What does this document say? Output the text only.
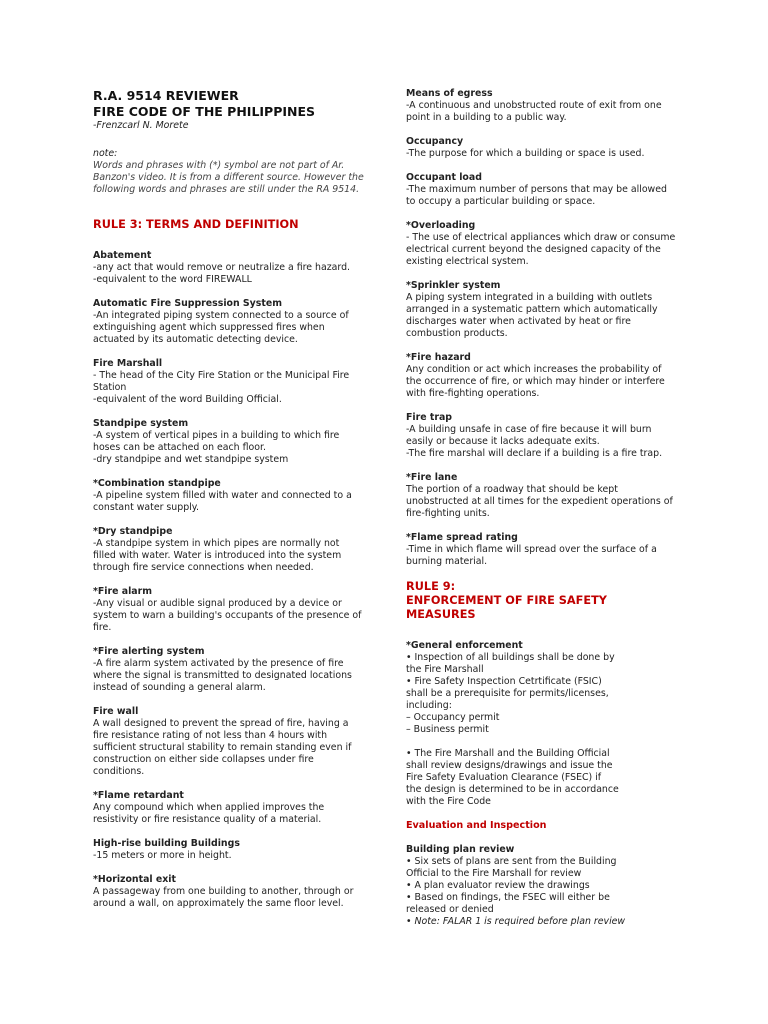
R.A. 9514 REVIEWER
FIRE CODE OF THE PHILIPPINES
-Frenzcarl N. Morete
note:
Words and phrases with (*) symbol are not part of Ar. Banzon's video. It is from a different source. However the following words and phrases are still under the RA 9514.
RULE 3: TERMS AND DEFINITION
Abatement
-any act that would remove or neutralize a fire hazard.
-equivalent to the word FIREWALL
Automatic Fire Suppression System
-An integrated piping system connected to a source of extinguishing agent which suppressed fires when actuated by its automatic detecting device.
Fire Marshall
- The head of the City Fire Station or the Municipal Fire Station
-equivalent of the word Building Official.
Standpipe system
-A system of vertical pipes in a building to which fire hoses can be attached on each floor.
-dry standpipe and wet standpipe system
*Combination standpipe
-A pipeline system filled with water and connected to a constant water supply.
*Dry standpipe
-A standpipe system in which pipes are normally not filled with water. Water is introduced into the system through fire service connections when needed.
*Fire alarm
-Any visual or audible signal produced by a device or system to warn a building's occupants of the presence of fire.
*Fire alerting system
-A fire alarm system activated by the presence of fire where the signal is transmitted to designated locations instead of sounding a general alarm.
Fire wall
A wall designed to prevent the spread of fire, having a fire resistance rating of not less than 4 hours with sufficient structural stability to remain standing even if construction on either side collapses under fire conditions.
*Flame retardant
Any compound which when applied improves the resistivity or fire resistance quality of a material.
High-rise building Buildings
-15 meters or more in height.
*Horizontal exit
A passageway from one building to another, through or around a wall, on approximately the same floor level.
Means of egress
-A continuous and unobstructed route of exit from one point in a building to a public way.
Occupancy
-The purpose for which a building or space is used.
Occupant load
-The maximum number of persons that may be allowed to occupy a particular building or space.
*Overloading
- The use of electrical appliances which draw or consume electrical current beyond the designed capacity of the existing electrical system.
*Sprinkler system
A piping system integrated in a building with outlets arranged in a systematic pattern which automatically discharges water when activated by heat or fire combustion products.
*Fire hazard
Any condition or act which increases the probability of the occurrence of fire, or which may hinder or interfere with fire-fighting operations.
Fire trap
-A building unsafe in case of fire because it will burn easily or because it lacks adequate exits.
-The fire marshal will declare if a building is a fire trap.
*Fire lane
The portion of a roadway that should be kept unobstructed at all times for the expedient operations of fire-fighting units.
*Flame spread rating
-Time in which flame will spread over the surface of a burning material.
RULE 9:
ENFORCEMENT OF FIRE SAFETY MEASURES
*General enforcement
• Inspection of all buildings shall be done by
the Fire Marshall
• Fire Safety Inspection Cetrtificate (FSIC)
shall be a prerequisite for permits/licenses,
including:
– Occupancy permit
– Business permit
• The Fire Marshall and the Building Official
shall review designs/drawings and issue the
Fire Safety Evaluation Clearance (FSEC) if
the design is determined to be in accordance
with the Fire Code
Evaluation and Inspection
Building plan review
• Six sets of plans are sent from the Building
Official to the Fire Marshall for review
• A plan evaluator review the drawings
• Based on findings, the FSEC will either be
released or denied
• Note: FALAR 1 is required before plan review
